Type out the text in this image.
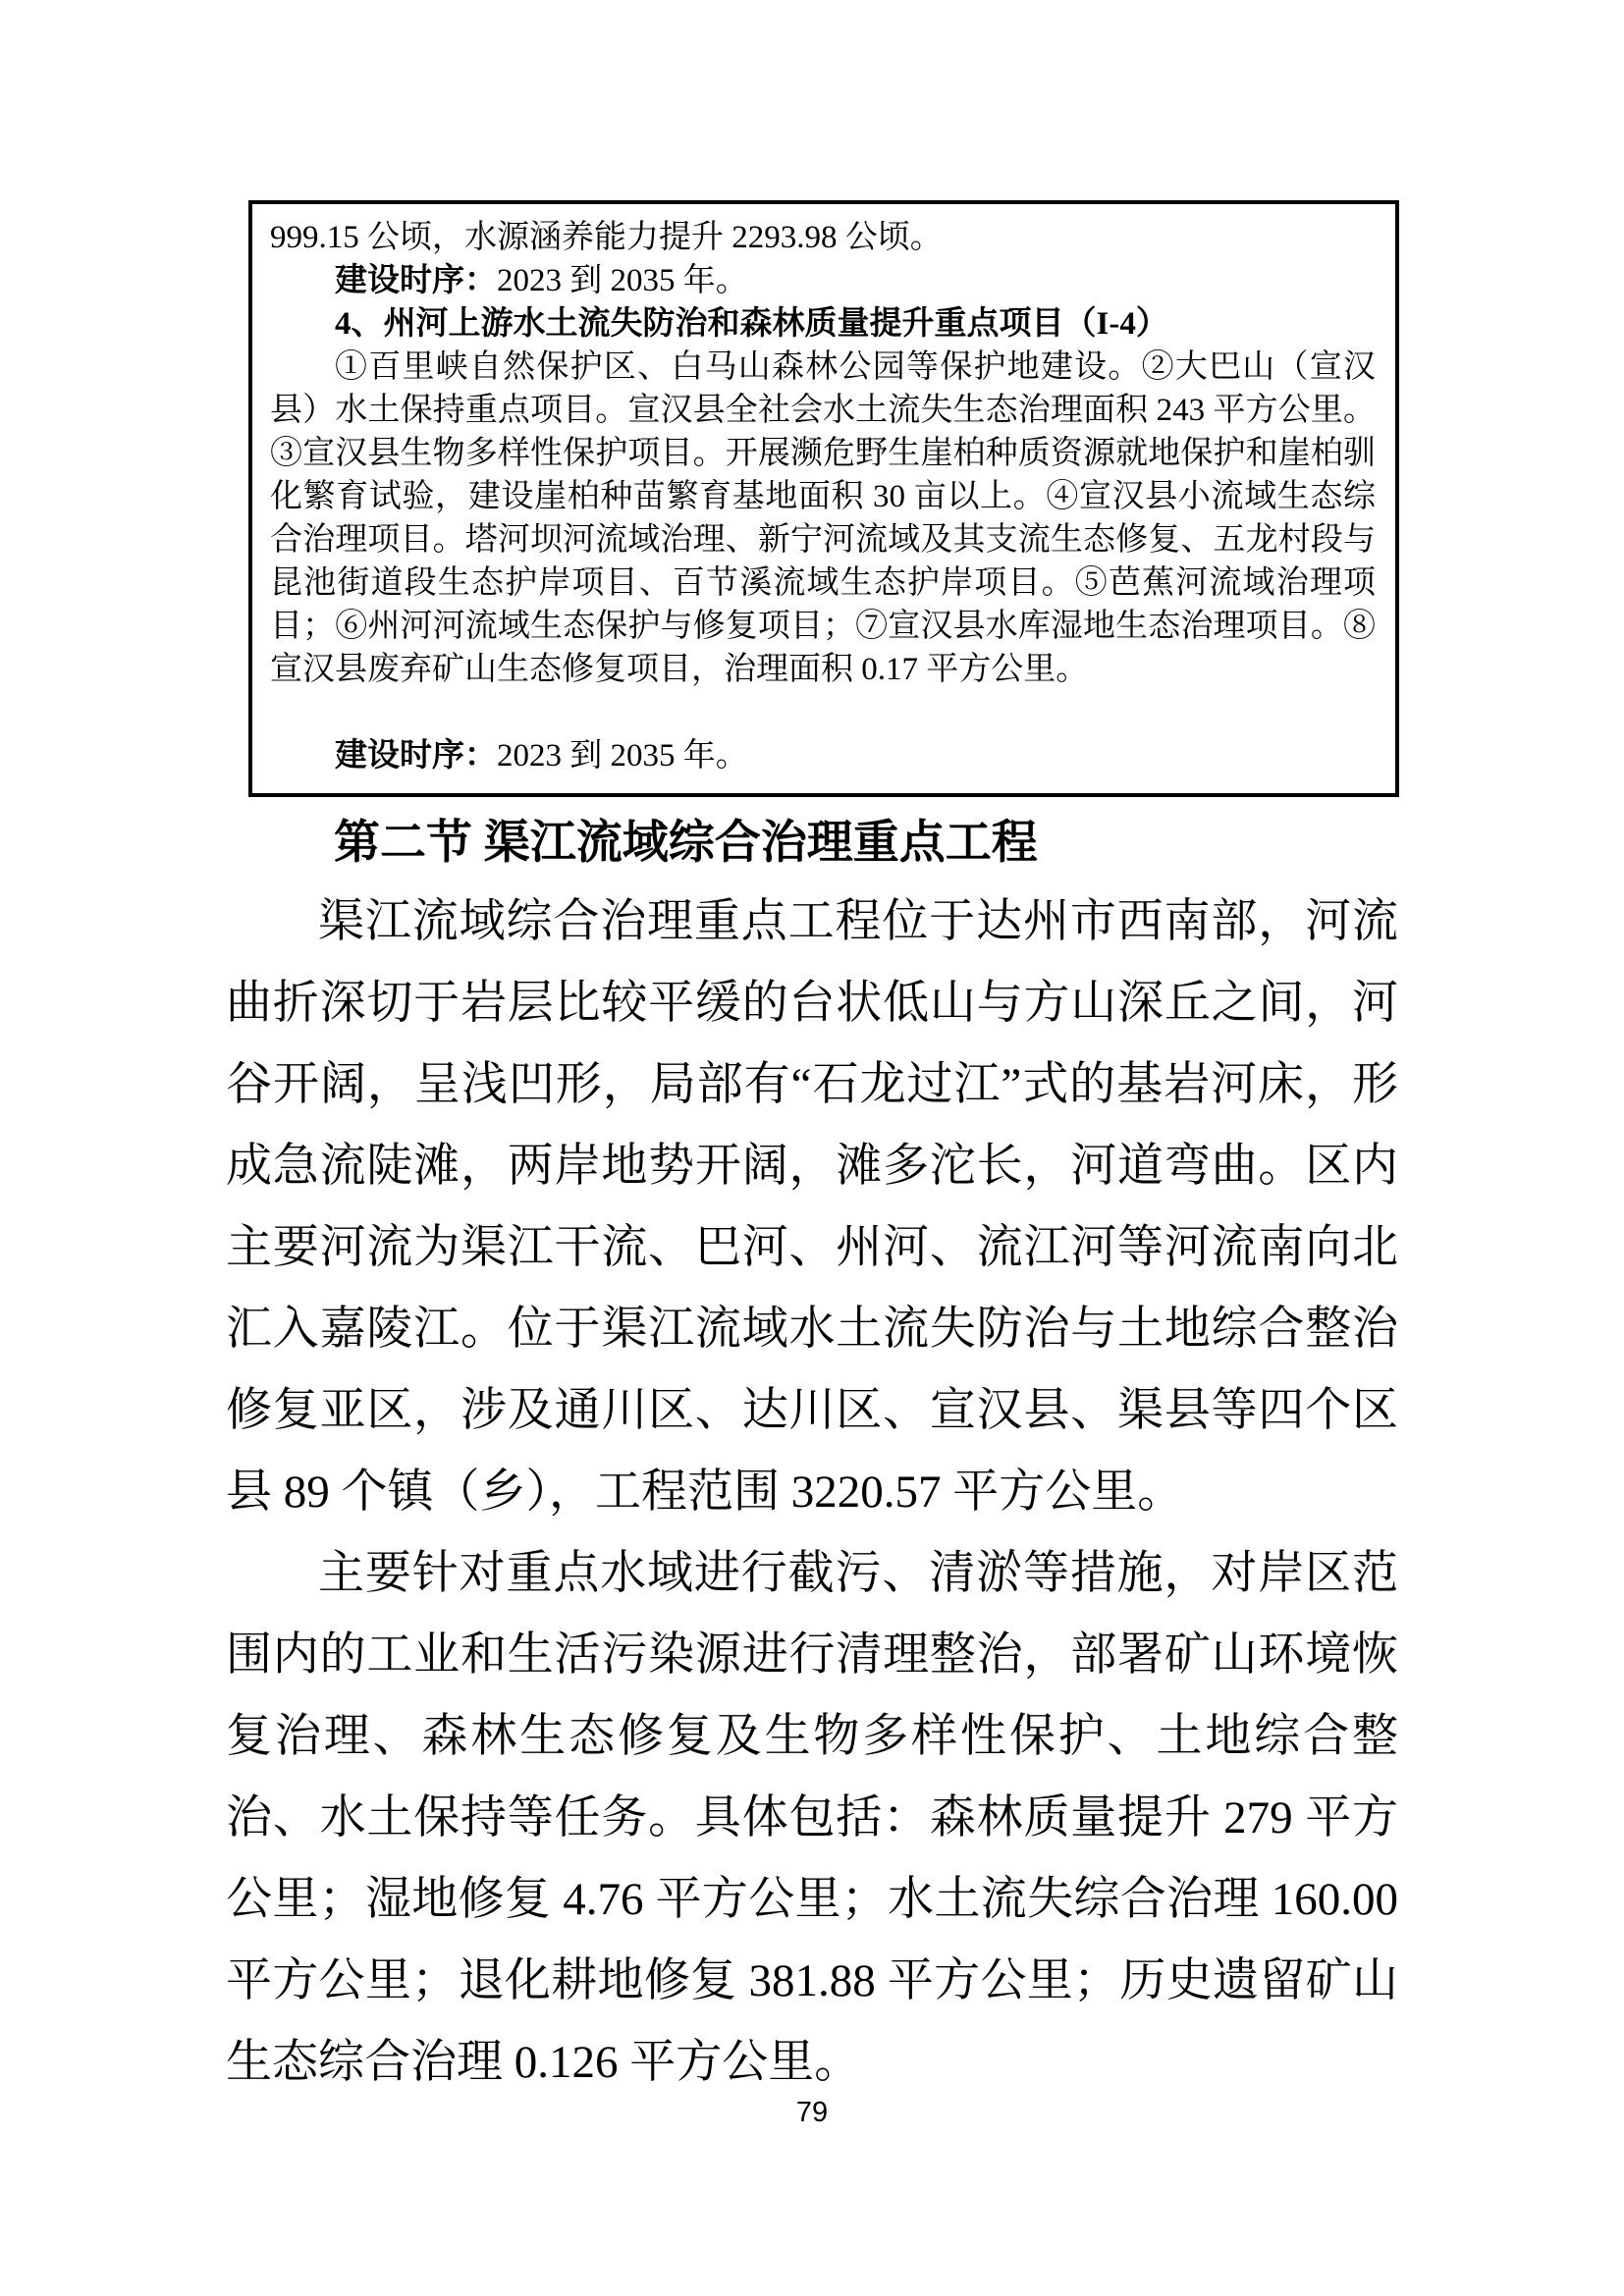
999.15 公顷，水源涵养能力提升 2293.98 公顷。

建设时序：2023 到 2035 年。

4、州河上游水土流失防治和森林质量提升重点项目（I-4）

①百里峡自然保护区、白马山森林公园等保护地建设。②大巴山（宣汉县）水土保持重点项目。宣汉县全社会水土流失生态治理面积 243 平方公里。③宣汉县生物多样性保护项目。开展濒危野生崖柏种质资源就地保护和崖柏驯化繁育试验，建设崖柏种苗繁育基地面积 30 亩以上。④宣汉县小流域生态综合治理项目。塔河坝河流域治理、新宁河流域及其支流生态修复、五龙村段与昆池街道段生态护岸项目、百节溪流域生态护岸项目。⑤芭蕉河流域治理项目；⑥州河河流域生态保护与修复项目；⑦宣汉县水库湿地生态治理项目。⑧宣汉县废弃矿山生态修复项目，治理面积 0.17 平方公里。

建设时序：2023 到 2035 年。

第二节 渠江流域综合治理重点工程

渠江流域综合治理重点工程位于达州市西南部，河流曲折深切于岩层比较平缓的台状低山与方山深丘之间，河谷开阔，呈浅凹形，局部有“石龙过江”式的基岩河床，形成急流陡滩，两岸地势开阔，滩多沱长，河道弯曲。区内主要河流为渠江干流、巴河、州河、流江河等河流南向北汇入嘉陵江。位于渠江流域水土流失防治与土地综合整治修复亚区，涉及通川区、达川区、宣汉县、渠县等四个区县 89 个镇（乡），工程范围 3220.57 平方公里。

主要针对重点水域进行截污、清淤等措施，对岸区范围内的工业和生活污染源进行清理整治，部署矿山环境恢复治理、森林生态修复及生物多样性保护、土地综合整治、水土保持等任务。具体包括：森林质量提升 279 平方公里；湿地修复 4.76 平方公里；水土流失综合治理 160.00 平方公里；退化耕地修复 381.88 平方公里；历史遗留矿山生态综合治理 0.126 平方公里。

79
